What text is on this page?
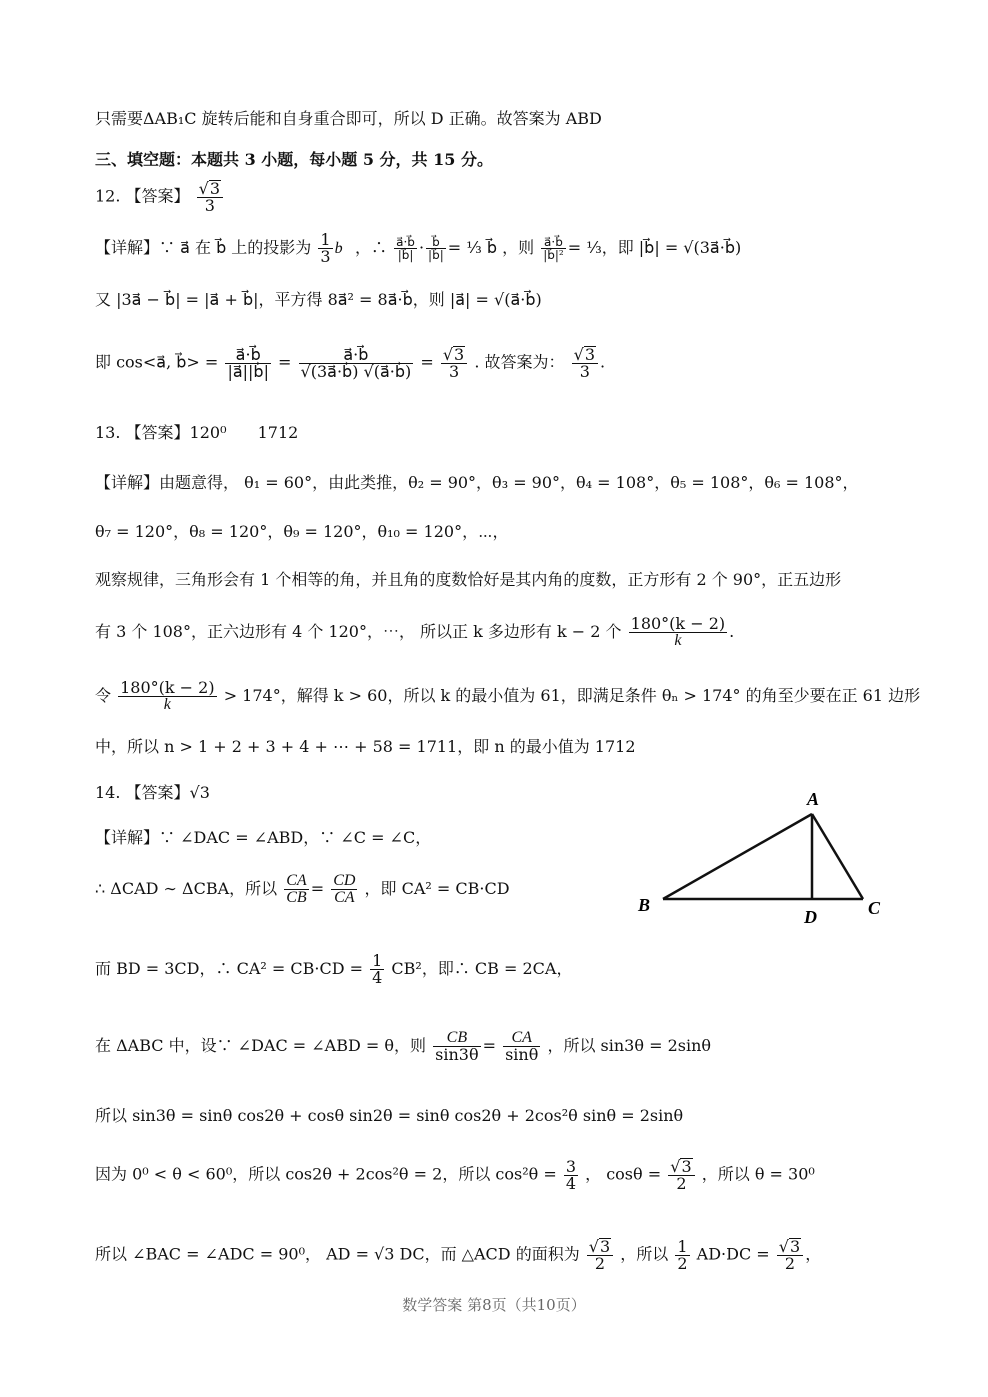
只需要ΔAB₁C 旋转后能和自身重合即可，所以 D 正确。故答案为 ABD
三、填空题：本题共 3 小题，每小题 5 分，共 15 分。
12. 【答案】 $\frac{√3}{3}$
【详解】∵ a⃗ 在 b⃗ 上的投影为 $\frac{1}{3}$ b⃗，∴ $\frac{a⃗\cdot b⃗}{|b⃗|} \cdot \frac{b⃗}{|b⃗|}$ = ⅓ b⃗ ，则 $\frac{a⃗\cdot b⃗}{\text{|b⃗|²}}$ = ⅓，即 |b⃗| = √(3a⃗·b⃗)
又 |3a⃗ − b⃗| = |a⃗ + b⃗|，平方得 8a⃗² = 8a⃗·b⃗，则 |a⃗| = √(a⃗·b⃗)
即 cos<a⃗, b⃗> = $\frac{a⃗\cdot b⃗}{|a⃗||b⃗|} = \frac{a⃗\cdot b⃗}{√(3a⃗\cdot b⃗) √(a⃗\cdot b⃗)} = \frac{√3}{3}$ . 故答案为： $\frac{√3}{3}$ .
13. 【答案】120⁰ 1712
【详解】由题意得， θ₁ = 60°，由此类推，θ₂ = 90°，θ₃ = 90°，θ₄ = 108°，θ₅ = 108°，θ₆ = 108°，
θ₇ = 120°，θ₈ = 120°，θ₉ = 120°，θ₁₀ = 120°，⋯，
观察规律，三角形会有 1 个相等的角，并且角的度数恰好是其内角的度数，正方形有 2 个 90°，正五边形
有 3 个 108°，正六边形有 4 个 120°，⋯， 所以正 k 多边形有 k − 2 个 $\frac{180^\circ(k - 2)}{k}$ .
令 $\frac{180^\circ(k - 2)}{k} > 174^\circ$，解得 k > 60，所以 k 的最小值为 61，即满足条件 θₙ > 174° 的角至少要在正 61 边形
中，所以 n > 1 + 2 + 3 + 4 + ⋯ + 58 = 1711，即 n 的最小值为 1712
14. 【答案】√3
【详解】∵ ∠DAC = ∠ABD，∵ ∠C = ∠C，
∴ ΔCAD ∼ ΔCBA，所以 $\frac{CA}{CB} = \frac{CD}{CA}$ ，即 CA² = CB·CD
而 BD = 3CD，∴ $CA^2 = CB\cdot CD = \frac{1}{4} CB^2$，即∴ CB = 2CA，
在 ΔABC 中，设∵ ∠DAC = ∠ABD = θ，则 $\frac{CB}{\sin 3\theta} = \frac{CA}{\sin\theta}$ ，所以 sin3θ = 2sinθ
所以 sin3θ = sinθ cos2θ + cosθ sin2θ = sinθ cos2θ + 2cos²θ sinθ = 2sinθ
因为 0⁰ < θ < 60⁰，所以 cos2θ + 2cos²θ = 2，所以 $\cos^2\theta = \frac{3}{4}$ ， $\cos\theta = \frac{√3}{2}$ ，所以 θ = 30⁰
所以 ∠BAC = ∠ADC = 90⁰， AD = √3 DC，而 △ACD 的面积为 $\frac{√3}{2}$ ，所以 $\frac{1}{2} AD\cdot DC = \frac{√3}{2}$ ，
A
B	C
D
数学答案 第8页（共10页）
